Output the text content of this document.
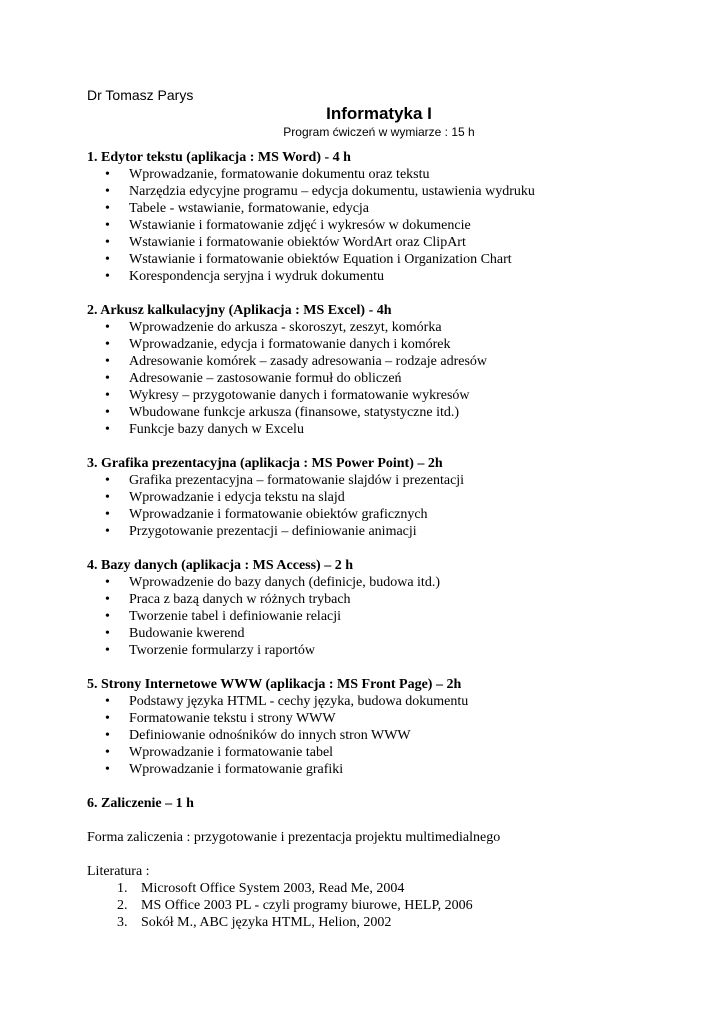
Dr Tomasz Parys

Informatyka I

Program ćwiczeń w wymiarze : 15 h

1. Edytor tekstu (aplikacja : MS Word) - 4 h
• Wprowadzanie, formatowanie dokumentu oraz tekstu
• Narzędzia edycyjne programu – edycja dokumentu, ustawienia wydruku
• Tabele - wstawianie, formatowanie, edycja
• Wstawianie i formatowanie zdjęć i wykresów w dokumencie
• Wstawianie i formatowanie obiektów WordArt oraz ClipArt
• Wstawianie i formatowanie obiektów Equation i Organization Chart
• Korespondencja seryjna i wydruk dokumentu
2. Arkusz kalkulacyjny (Aplikacja : MS Excel) - 4h
• Wprowadzenie do arkusza - skoroszyt, zeszyt, komórka
• Wprowadzanie, edycja i formatowanie danych i komórek
• Adresowanie komórek – zasady adresowania – rodzaje adresów
• Adresowanie – zastosowanie formuł do obliczeń
• Wykresy – przygotowanie danych i formatowanie wykresów
• Wbudowane funkcje arkusza (finansowe, statystyczne itd.)
• Funkcje bazy danych w Excelu
3. Grafika prezentacyjna (aplikacja : MS Power Point) – 2h
• Grafika prezentacyjna – formatowanie slajdów i prezentacji
• Wprowadzanie i edycja tekstu na slajd
• Wprowadzanie i formatowanie obiektów graficznych
• Przygotowanie prezentacji – definiowanie animacji
4. Bazy danych (aplikacja : MS Access) – 2 h
• Wprowadzenie do bazy danych (definicje, budowa itd.)
• Praca z bazą danych w różnych trybach
• Tworzenie tabel i definiowanie relacji
• Budowanie kwerend
• Tworzenie formularzy i raportów
5. Strony Internetowe WWW (aplikacja : MS Front Page) – 2h
• Podstawy języka HTML - cechy języka, budowa dokumentu
• Formatowanie tekstu i strony WWW
• Definiowanie odnośników do innych stron WWW
• Wprowadzanie i formatowanie tabel
• Wprowadzanie i formatowanie grafiki
6. Zaliczenie – 1 h

Forma zaliczenia : przygotowanie i prezentacja projektu multimedialnego

Literatura :

1. Microsoft Office System 2003, Read Me, 2004
2. MS Office 2003 PL - czyli programy biurowe, HELP, 2006
3. Sokół M., ABC języka HTML, Helion, 2002
